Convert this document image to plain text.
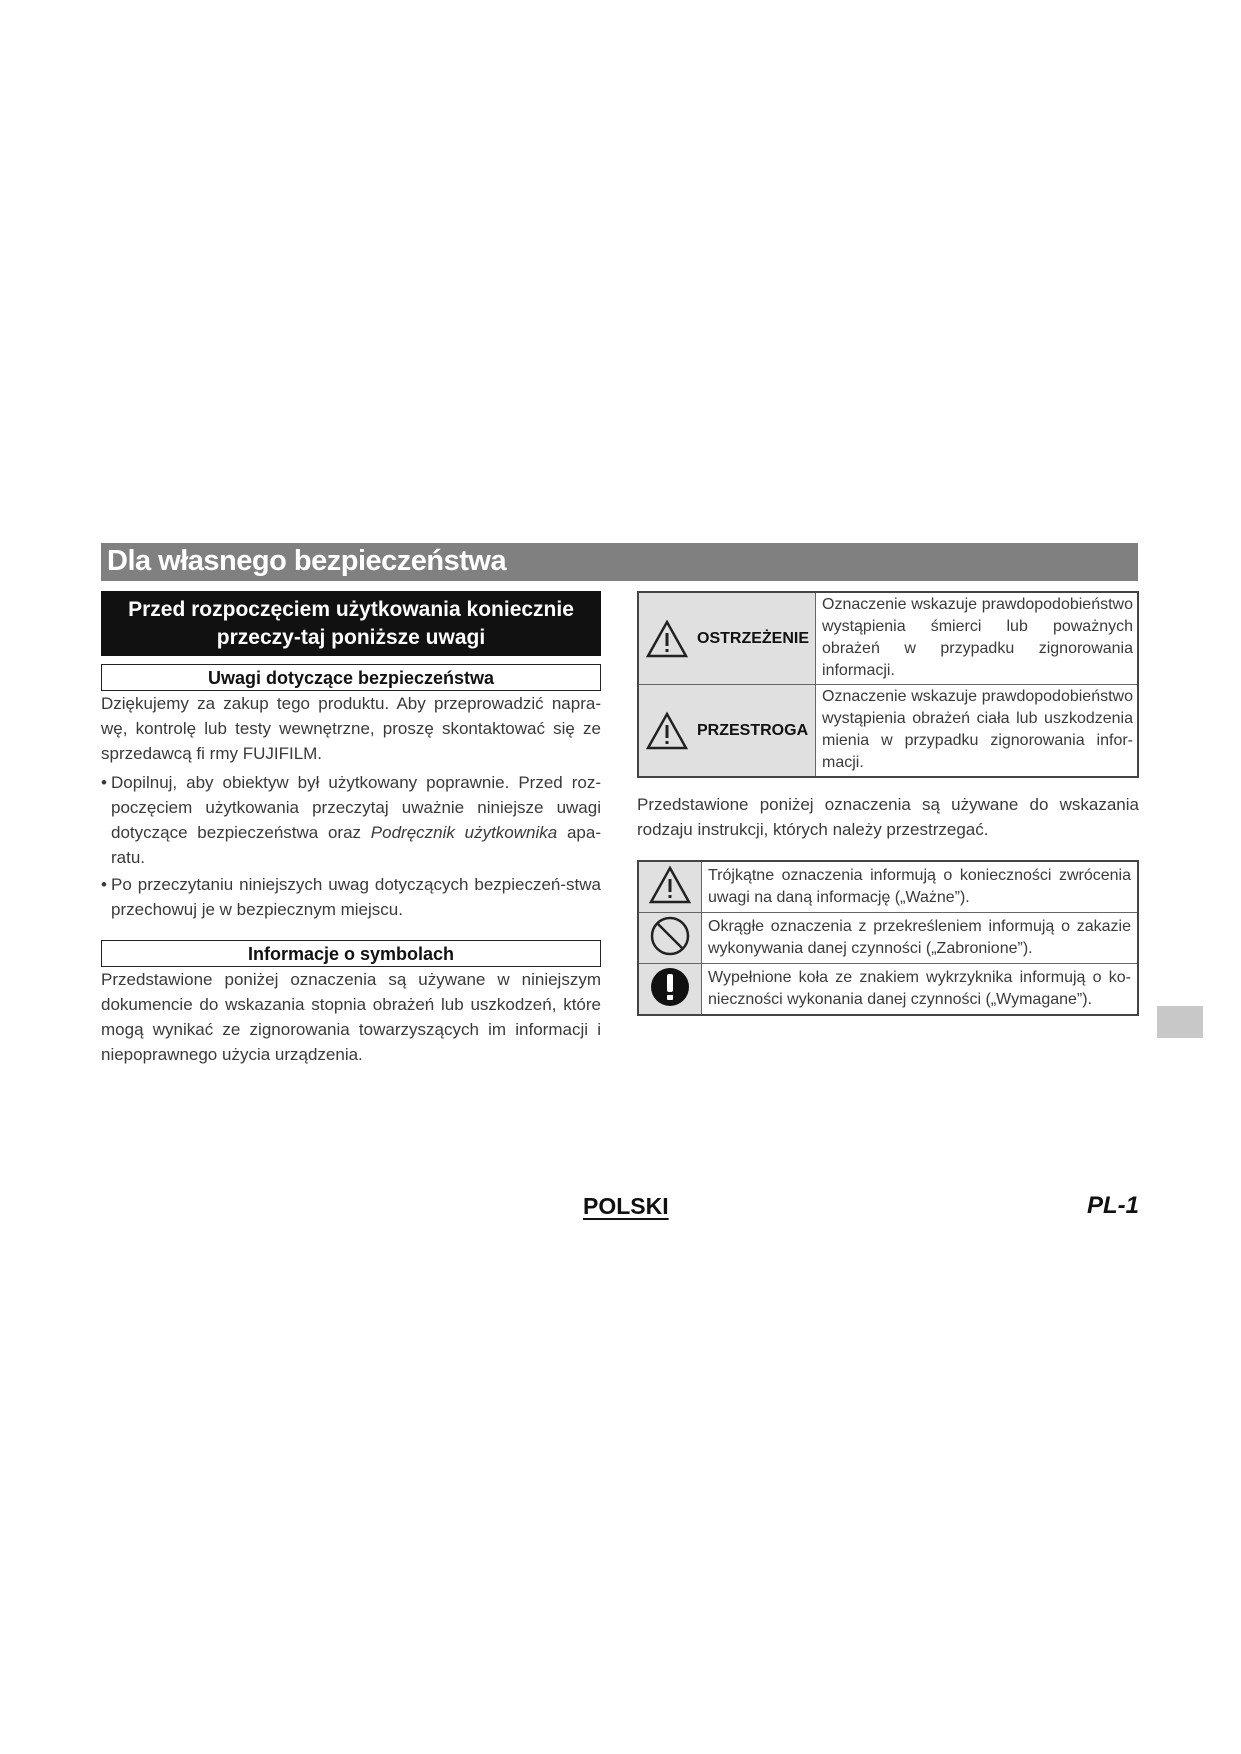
Dla własnego bezpieczeństwa
Przed rozpoczęciem użytkowania koniecznie przeczy-taj poniższe uwagi
Uwagi dotyczące bezpieczeństwa

Dziękujemy za zakup tego produktu. Aby przeprowadzić napra-wę, kontrolę lub testy wewnętrzne, proszę skontaktować się ze sprzedawcą fi rmy FUJIFILM.

• Dopilnuj, aby obiektyw był użytkowany poprawnie. Przed roz-poczęciem użytkowania przeczytaj uważnie niniejsze uwagi dotyczące bezpieczeństwa oraz Podręcznik użytkownika apa-ratu.
• Po przeczytaniu niniejszych uwag dotyczących bezpieczeń-stwa przechowuj je w bezpiecznym miejscu.
Informacje o symbolach

Przedstawione poniżej oznaczenia są używane w niniejszym dokumencie do wskazania stopnia obrażeń lub uszkodzeń, które mogą wynikać ze zignorowania towarzyszących im informacji i niepoprawnego użycia urządzenia.

OSTRZEŻENIE	Oznaczenie wskazuje prawdopodobieństwo wystąpienia śmierci lub poważnych obrażeń w przypadku zignorowania informacji.

PRZESTROGA	Oznaczenie wskazuje prawdopodobieństwo wystąpienia obrażeń ciała lub uszkodzenia mienia w przypadku zignorowania infor-macji.

Przedstawione poniżej oznaczenia są używane do wskazania rodzaju instrukcji, których należy przestrzegać.

	Trójkątne oznaczenia informują o konieczności zwrócenia uwagi na daną informację („Ważne”).
	Okrągłe oznaczenia z przekreśleniem informują o zakazie wykonywania danej czynności („Zabronione”).
	Wypełnione koła ze znakiem wykrzyknika informują o ko-nieczności wykonania danej czynności („Wymagane”).
POLSKI	PL-1
